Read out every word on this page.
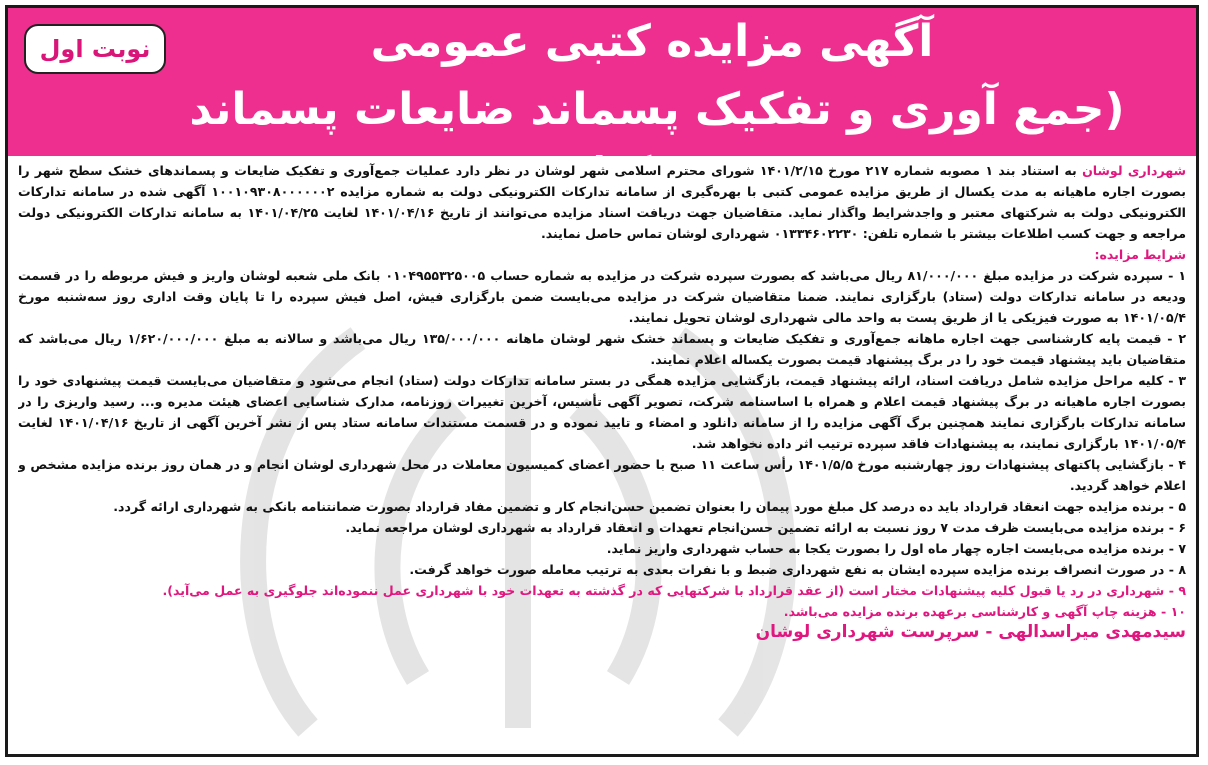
نوبت اول	آگهی مزایده کتبی عمومی
(جمع آوری و تفکیک پسماند ضایعات پسماند خشک)	شهرداری لوشان به استناد بند ۱ مصوبه شماره ۲۱۷ مورخ ۱۴۰۱/۲/۱۵ شورای محترم اسلامی شهر لوشان در نظر دارد عملیات جمع‌آوری و تفکیک ضایعات و پسماندهای خشک سطح شهر را بصورت اجاره ماهیانه به مدت یکسال از طریق مزایده عمومی کتبی با بهره‌گیری از سامانه تدارکات الکترونیکی دولت به شماره مزایده ۱۰۰۱۰۹۳۰۸۰۰۰۰۰۰۲ آگهی شده در سامانه تدارکات الکترونیکی دولت به شرکتهای معتبر و واجدشرایط واگذار نماید. متقاضیان جهت دریافت اسناد مزایده می‌توانند از تاریخ ۱۴۰۱/۰۴/۱۶ لغایت ۱۴۰۱/۰۴/۲۵ به سامانه تدارکات الکترونیکی دولت مراجعه و جهت کسب اطلاعات بیشتر با شماره تلفن: ۰۱۳۳۴۶۰۲۲۳۰ شهرداری لوشان تماس حاصل نمایند.

شرایط مزایده:

۱ - سپرده شرکت در مزایده مبلغ ۸۱/۰۰۰/۰۰۰ ریال می‌باشد که بصورت سپرده شرکت در مزایده به شماره حساب ۰۱۰۴۹۵۵۳۲۵۰۰۵ بانک ملی شعبه لوشان واریز و فیش مربوطه را در قسمت ودیعه در سامانه تدارکات دولت (ستاد) بارگزاری نمایند. ضمنا متقاضیان شرکت در مزایده می‌بایست ضمن بارگزاری فیش، اصل فیش سپرده را تا پایان وقت اداری روز سه‌شنبه مورخ ۱۴۰۱/۰۵/۴ به صورت فیزیکی یا از طریق پست به واحد مالی شهرداری لوشان تحویل نمایند.

۲ - قیمت پایه کارشناسی جهت اجاره ماهانه جمع‌آوری و تفکیک ضایعات و پسماند خشک شهر لوشان ماهانه ۱۳۵/۰۰۰/۰۰۰ ریال می‌باشد و سالانه به مبلغ ۱/۶۲۰/۰۰۰/۰۰۰ ریال می‌باشد که متقاضیان باید پیشنهاد قیمت خود را در برگ پیشنهاد قیمت بصورت یکساله اعلام نمایند.

۳ - کلیه مراحل مزایده شامل دریافت اسناد، ارائه پیشنهاد قیمت، بازگشایی مزایده همگی در بستر سامانه تدارکات دولت (ستاد) انجام می‌شود و متقاضیان می‌بایست قیمت پیشنهادی خود را بصورت اجاره ماهیانه در برگ پیشنهاد قیمت اعلام و همراه با اساسنامه شرکت، تصویر آگهی تأسیس، آخرین تغییرات روزنامه، مدارک شناسایی اعضای هیئت مدیره و... رسید واریزی را در سامانه تدارکات بارگزاری نمایند همچنین برگ آگهی مزایده را از سامانه دانلود و امضاء و تایید نموده و در قسمت مستندات سامانه ستاد پس از نشر آخرین آگهی از تاریخ ۱۴۰۱/۰۴/۱۶ لغایت ۱۴۰۱/۰۵/۴ بارگزاری نمایند، به پیشنهادات فاقد سپرده ترتیب اثر داده نخواهد شد.

۴ - بازگشایی پاکتهای پیشنهادات روز چهارشنبه مورخ ۱۴۰۱/۵/۵ رأس ساعت ۱۱ صبح با حضور اعضای کمیسیون معاملات در محل شهرداری لوشان انجام و در همان روز برنده مزایده مشخص و اعلام خواهد گردید.

۵ - برنده مزایده جهت انعقاد قرارداد باید ده درصد کل مبلغ مورد پیمان را بعنوان تضمین حسن‌انجام کار و تضمین مفاد قرارداد بصورت ضمانتنامه بانکی به شهرداری ارائه گردد.

۶ - برنده مزایده می‌بایست ظرف مدت ۷ روز نسبت به ارائه تضمین حسن‌انجام تعهدات و انعقاد قرارداد به شهرداری لوشان مراجعه نماید.

۷ - برنده مزایده می‌بایست اجاره چهار ماه اول را بصورت یکجا به حساب شهرداری واریز نماید.

۸ - در صورت انصراف برنده مزایده سپرده ایشان به نفع شهرداری ضبط و با نفرات بعدی به ترتیب معامله صورت خواهد گرفت.

۹ - شهرداری در رد یا قبول کلیه پیشنهادات مختار است (از عقد قرارداد با شرکتهایی که در گذشته به تعهدات خود با شهرداری عمل ننموده‌اند جلوگیری به عمل می‌آید).

۱۰ - هزینه چاپ آگهی و کارشناسی برعهده برنده مزایده می‌باشد.

سیدمهدی میراسدالهی - سرپرست شهرداری لوشان
